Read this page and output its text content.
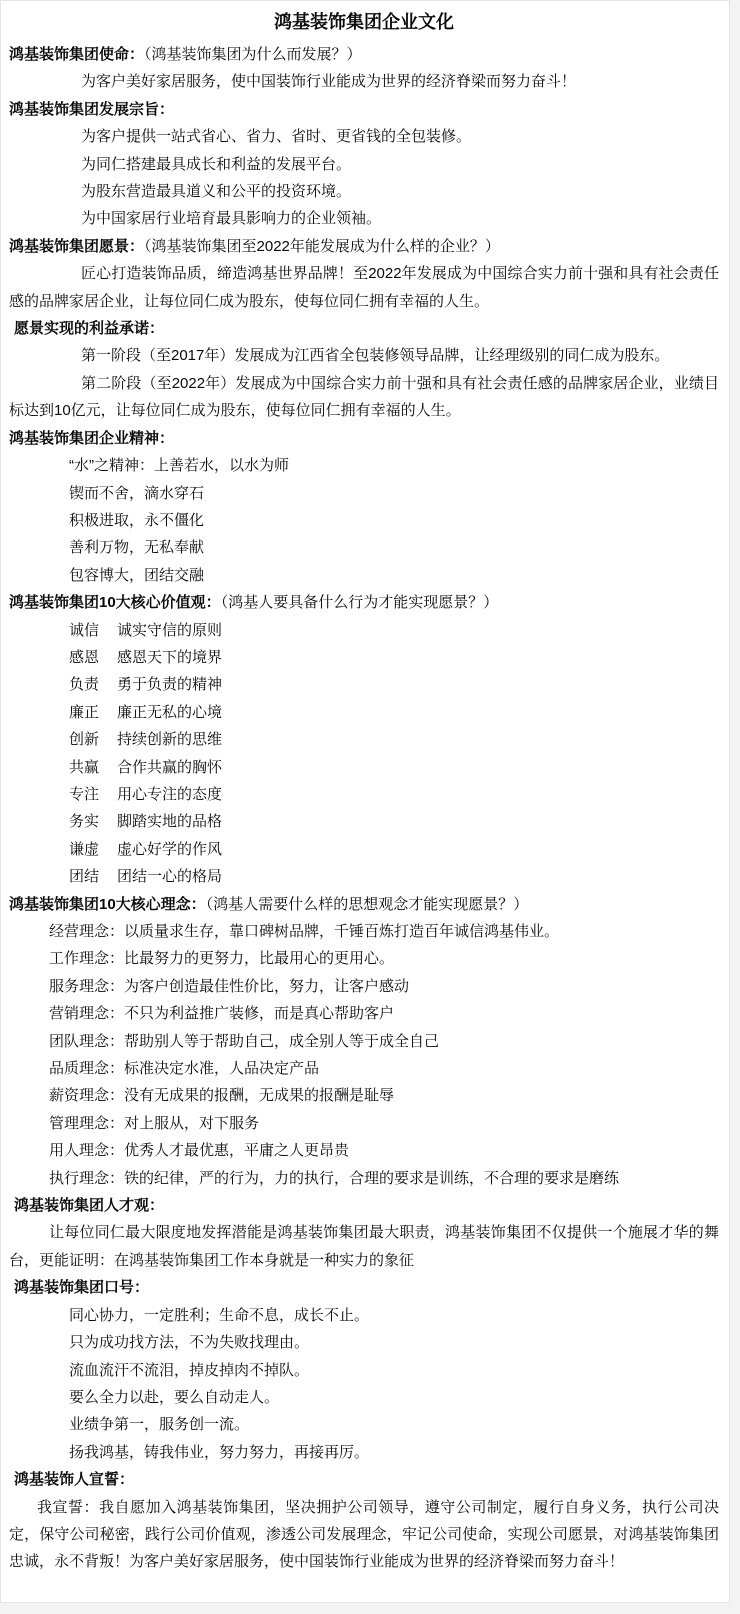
鸿基装饰集团企业文化
鸿基装饰集团使命：（鸿基装饰集团为什么而发展？）
为客户美好家居服务，使中国装饰行业能成为世界的经济脊梁而努力奋斗！
鸿基装饰集团发展宗旨：
为客户提供一站式省心、省力、省时、更省钱的全包装修。
为同仁搭建最具成长和利益的发展平台。
为股东营造最具道义和公平的投资环境。
为中国家居行业培育最具影响力的企业领袖。
鸿基装饰集团愿景：（鸿基装饰集团至2022年能发展成为什么样的企业？）
匠心打造装饰品质，缔造鸿基世界品牌！至2022年发展成为中国综合实力前十强和具有社会责任感的品牌家居企业，让每位同仁成为股东，使每位同仁拥有幸福的人生。
愿景实现的利益承诺：
第一阶段（至2017年）发展成为江西省全包装修领导品牌，让经理级别的同仁成为股东。
第二阶段（至2022年）发展成为中国综合实力前十强和具有社会责任感的品牌家居企业，业绩目标达到10亿元，让每位同仁成为股东，使每位同仁拥有幸福的人生。
鸿基装饰集团企业精神：
“水”之精神：上善若水，以水为师
锲而不舍，滴水穿石
积极进取，永不僵化
善利万物，无私奉献
包容博大，团结交融
鸿基装饰集团10大核心价值观：（鸿基人要具备什么行为才能实现愿景？）
诚信 诚实守信的原则
感恩 感恩天下的境界
负责 勇于负责的精神
廉正 廉正无私的心境
创新 持续创新的思维
共赢 合作共赢的胸怀
专注 用心专注的态度
务实 脚踏实地的品格
谦虚 虚心好学的作风
团结 团结一心的格局
鸿基装饰集团10大核心理念：（鸿基人需要什么样的思想观念才能实现愿景？）
经营理念：以质量求生存，靠口碑树品牌，千锤百炼打造百年诚信鸿基伟业。
工作理念：比最努力的更努力，比最用心的更用心。
服务理念：为客户创造最佳性价比，努力，让客户感动
营销理念：不只为利益推广装修，而是真心帮助客户
团队理念：帮助别人等于帮助自己，成全别人等于成全自己
品质理念：标准决定水准，人品决定产品
薪资理念：没有无成果的报酬，无成果的报酬是耻辱
管理理念：对上服从，对下服务
用人理念：优秀人才最优惠，平庸之人更昂贵
执行理念：铁的纪律，严的行为，力的执行，合理的要求是训练，不合理的要求是磨练
鸿基装饰集团人才观：
让每位同仁最大限度地发挥潜能是鸿基装饰集团最大职责，鸿基装饰集团不仅提供一个施展才华的舞台，更能证明：在鸿基装饰集团工作本身就是一种实力的象征
鸿基装饰集团口号：
同心协力，一定胜利；生命不息，成长不止。
只为成功找方法，不为失败找理由。
流血流汗不流泪，掉皮掉肉不掉队。
要么全力以赴，要么自动走人。
业绩争第一，服务创一流。
扬我鸿基，铸我伟业，努力努力，再接再厉。
鸿基装饰人宣誓：
我宣誓：我自愿加入鸿基装饰集团，坚决拥护公司领导，遵守公司制定，履行自身义务，执行公司决定，保守公司秘密，践行公司价值观，渗透公司发展理念，牢记公司使命，实现公司愿景，对鸿基装饰集团忠诚，永不背叛！为客户美好家居服务，使中国装饰行业能成为世界的经济脊梁而努力奋斗！
